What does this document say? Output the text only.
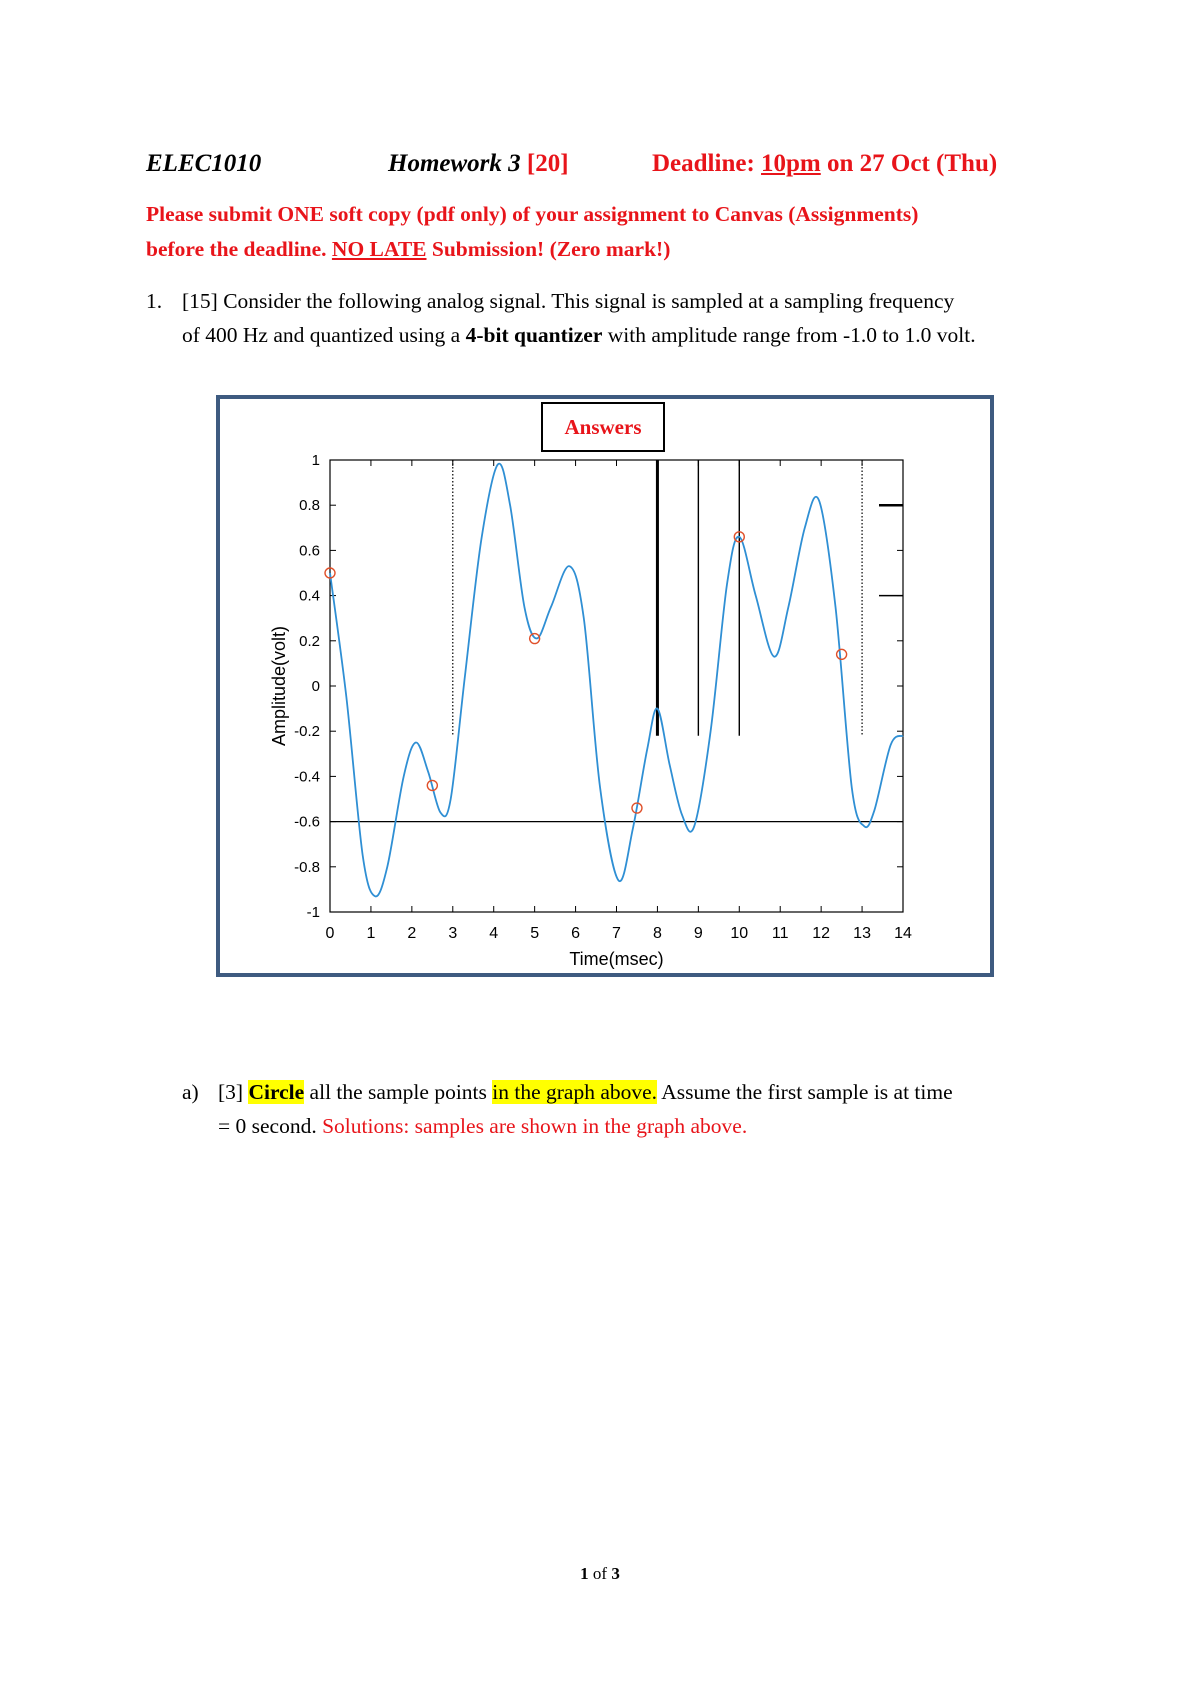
ELEC1010	Homework 3 [20]	Deadline: 10pm on 27 Oct (Thu)
Please submit ONE soft copy (pdf only) of your assignment to Canvas (Assignments)
before the deadline. NO LATE Submission! (Zero mark!)
1. [15] Consider the following analog signal. This signal is sampled at a sampling frequency
of 400 Hz and quantized using a 4-bit quantizer with amplitude range from -1.0 to 1.0 volt.
0 1 2 3 4 5 6 7 8 9 10 11 12 13 14
1
0.8
0.6
0.4
0.2
0
-0.2
-0.4
-0.6
-0.8
-1
Time(msec)
Amplitude(volt)
Answers
a) [3] Circle all the sample points in the graph above. Assume the first sample is at time
= 0 second. Solutions: samples are shown in the graph above.
1 of 3
